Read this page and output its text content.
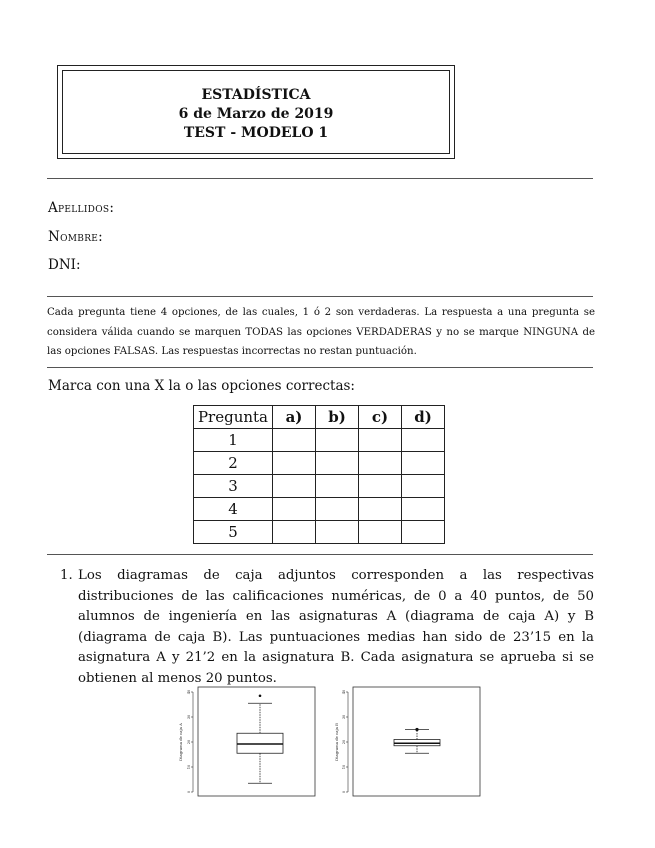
ESTADÍSTICA
6 de Marzo de 2019
TEST - MODELO 1
Apellidos:
Nombre:
DNI:
Cada pregunta tiene 4 opciones, de las cuales, 1 ó 2 son verdaderas. La respuesta a una pregunta se considera válida cuando se marquen TODAS las opciones VERDADERAS y no se marque NINGUNA de las opciones FALSAS. Las respuestas incorrectas no restan puntuación.
Marca con una X la o las opciones correctas:
Pregunta	a)	b)	c)	d)
1				
2				
3				
4				
5				
1. Los diagramas de caja adjuntos corresponden a las respectivas distribuciones de las calificaciones numéricas, de 0 a 40 puntos, de 50 alumnos de ingeniería en las asignaturas A (diagrama de caja A) y B (diagrama de caja B). Las puntuaciones medias han sido de 23’15 en la asignatura A y 21’2 en la asignatura B. Cada asignatura se aprueba si se obtienen al menos 20 puntos.
0
10
20
30
40
Diagrama de caja A
0
10
20
30
40
Diagrama de caja B
